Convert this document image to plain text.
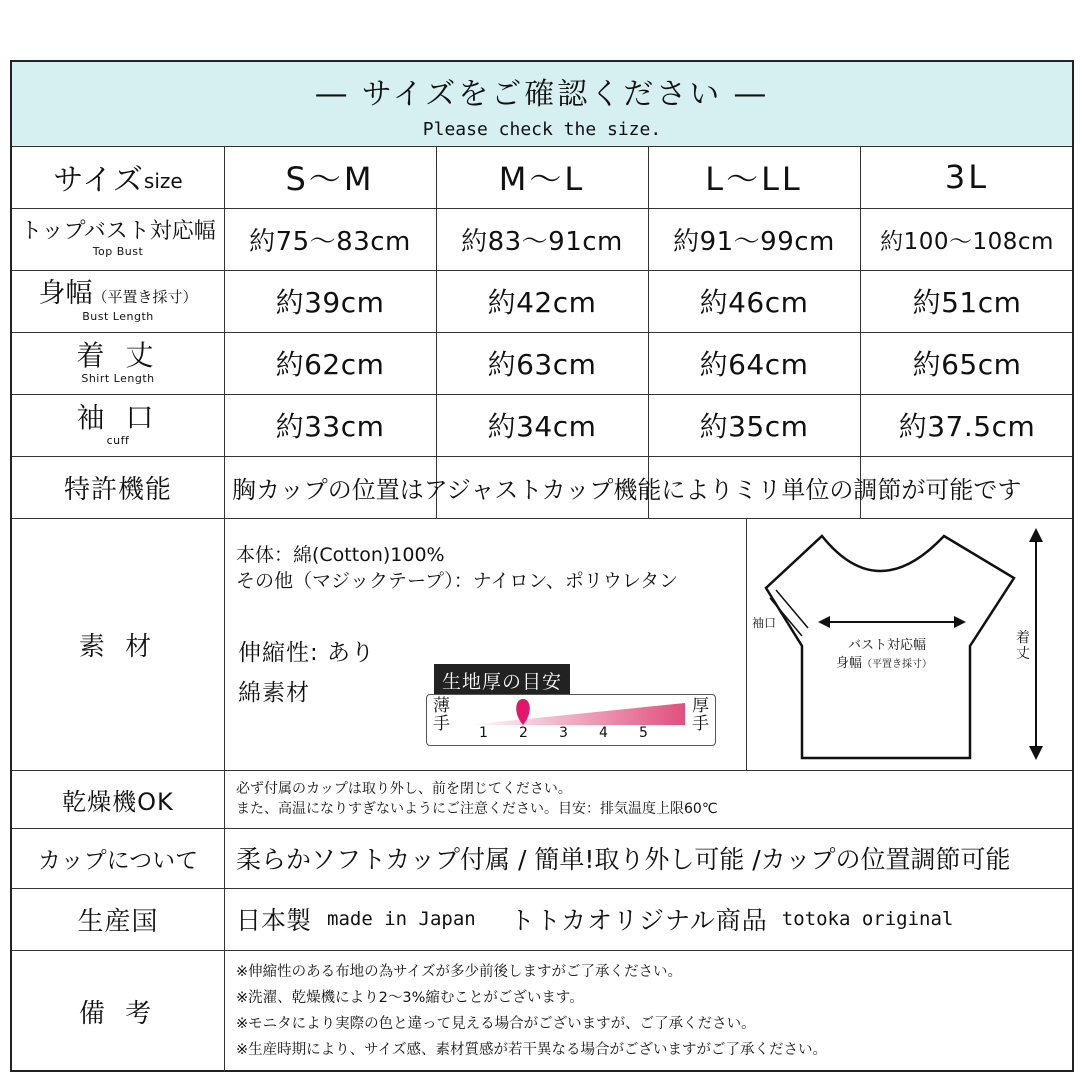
― サイズをご確認ください ―
Please check the size.
サイズ size	S～M	M～L	L～LL	3L
トップバスト対応幅
Top Bust	約75～83cm	約83～91cm	約91～99cm	約100～108cm
身幅（平置き採寸）
Bust Length	約39cm	約42cm	約46cm	約51cm
着 丈
Shirt Length	約62cm	約63cm	約64cm	約65cm
袖 口
cuff	約33cm	約34cm	約35cm	約37.5cm
特許機能	胸カップの位置はアジャストカップ機能によりミリ単位の調節が可能です
素 材
本体：綿(Cotton)100%
その他（マジックテープ）：ナイロン、ポリウレタン
伸縮性: あり
綿素材	生地厚の目安
薄
手
厚
手
1 2 3 4 5
袖口
バスト対応幅
身幅（平置き採寸）
着
丈
乾燥機OK	必ず付属のカップは取り外し、前を閉じてください。
また、高温になりすぎないようにご注意ください。目安：排気温度上限60℃
カップについて	柔らかソフトカップ付属 / 簡単!取り外し可能 /カップの位置調節可能
生産国	日本製 made in Japan トトカオリジナル商品 totoka original
備 考
※伸縮性のある布地の為サイズが多少前後しますがご了承ください。
※洗濯、乾燥機により2～3%縮むことがございます。
※モニタにより実際の色と違って見える場合がございますが、ご了承ください。
※生産時期により、サイズ感、素材質感が若干異なる場合がございますがご了承ください。
